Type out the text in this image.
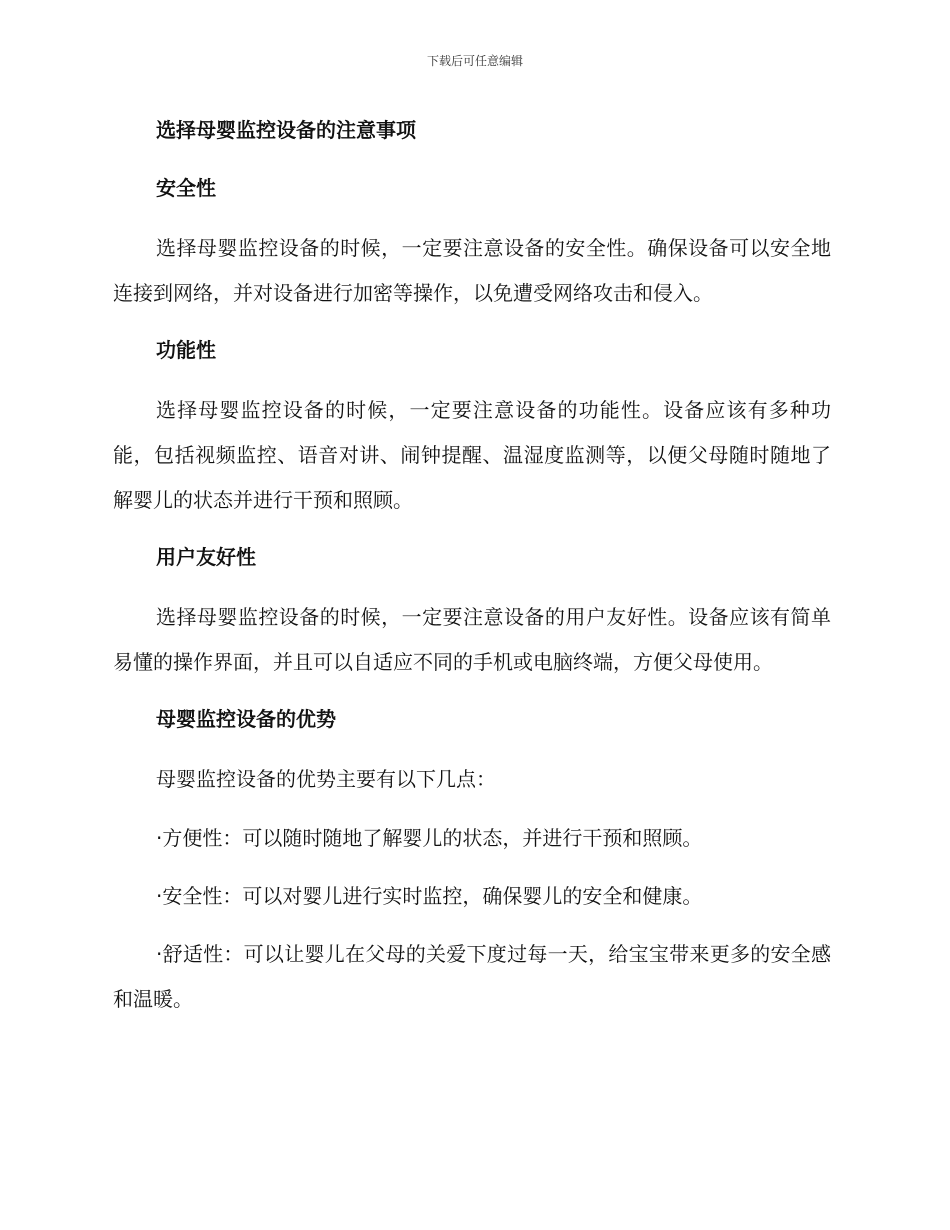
下载后可任意编辑
选择母婴监控设备的注意事项
安全性

选择母婴监控设备的时候，一定要注意设备的安全性。确保设备可以安全地连接到网络，并对设备进行加密等操作，以免遭受网络攻击和侵入。

功能性

选择母婴监控设备的时候，一定要注意设备的功能性。设备应该有多种功能，包括视频监控、语音对讲、闹钟提醒、温湿度监测等，以便父母随时随地了解婴儿的状态并进行干预和照顾。

用户友好性

选择母婴监控设备的时候，一定要注意设备的用户友好性。设备应该有简单易懂的操作界面，并且可以自适应不同的手机或电脑终端，方便父母使用。

母婴监控设备的优势

母婴监控设备的优势主要有以下几点：

·方便性：可以随时随地了解婴儿的状态，并进行干预和照顾。

·安全性：可以对婴儿进行实时监控，确保婴儿的安全和健康。

·舒适性：可以让婴儿在父母的关爱下度过每一天，给宝宝带来更多的安全感和温暖。
